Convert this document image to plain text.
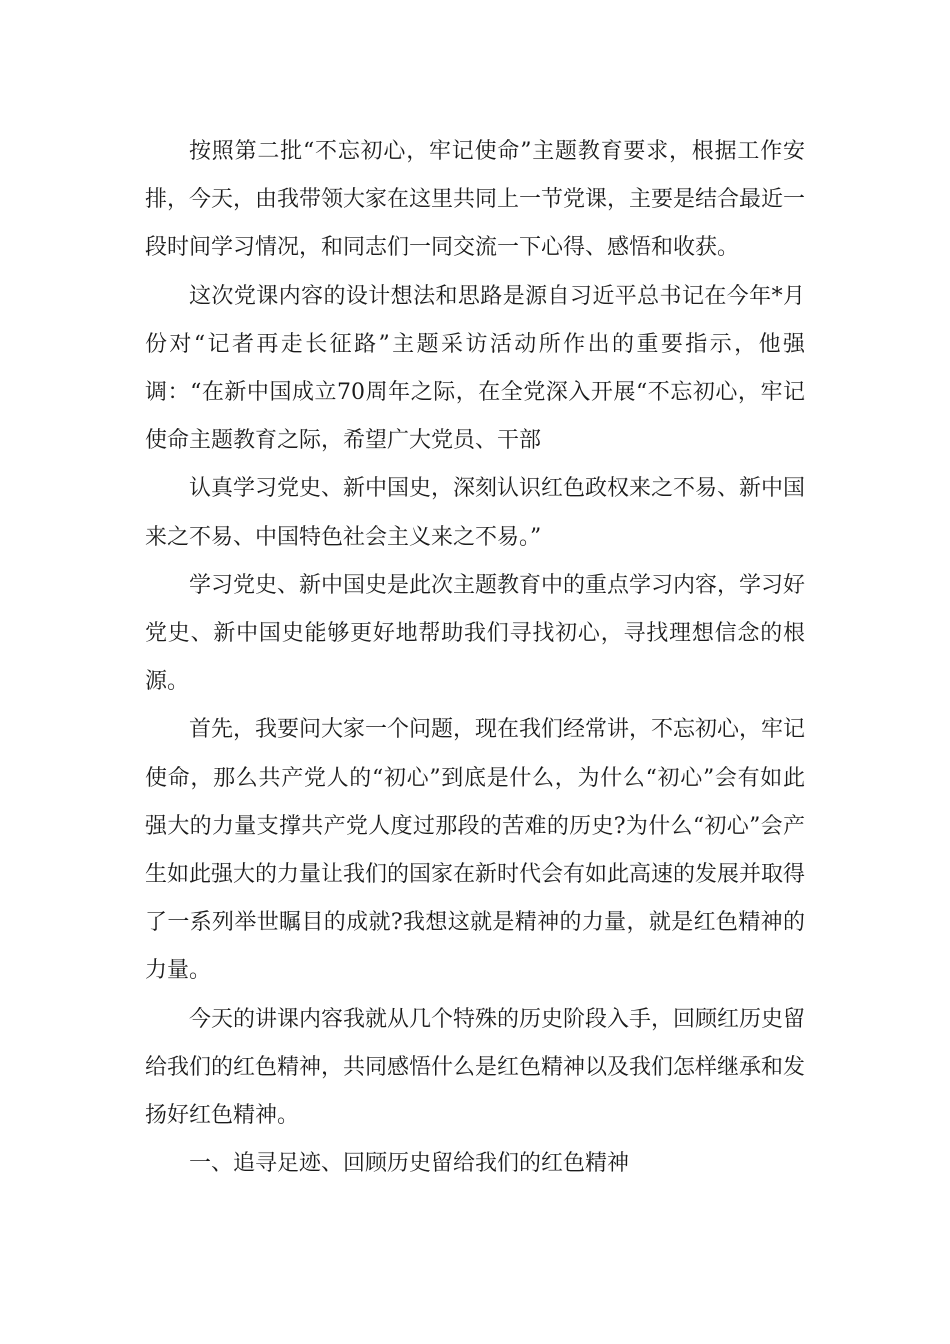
按照第二批“不忘初心，牢记使命”主题教育要求，根据工作安排，今天，由我带领大家在这里共同上一节党课，主要是结合最近一段时间学习情况，和同志们一同交流一下心得、感悟和收获。

这次党课内容的设计想法和思路是源自习近平总书记在今年*月份对“记者再走长征路”主题采访活动所作出的重要指示，他强调：“在新中国成立70周年之际，在全党深入开展“不忘初心，牢记使命主题教育之际，希望广大党员、干部

认真学习党史、新中国史，深刻认识红色政权来之不易、新中国来之不易、中国特色社会主义来之不易。”

学习党史、新中国史是此次主题教育中的重点学习内容，学习好党史、新中国史能够更好地帮助我们寻找初心，寻找理想信念的根源。

首先，我要问大家一个问题，现在我们经常讲，不忘初心，牢记使命，那么共产党人的“初心”到底是什么，为什么“初心”会有如此强大的力量支撑共产党人度过那段的苦难的历史?为什么“初心”会产生如此强大的力量让我们的国家在新时代会有如此高速的发展并取得了一系列举世瞩目的成就?我想这就是精神的力量，就是红色精神的力量。

今天的讲课内容我就从几个特殊的历史阶段入手，回顾红历史留给我们的红色精神，共同感悟什么是红色精神以及我们怎样继承和发扬好红色精神。

一、追寻足迹、回顾历史留给我们的红色精神
